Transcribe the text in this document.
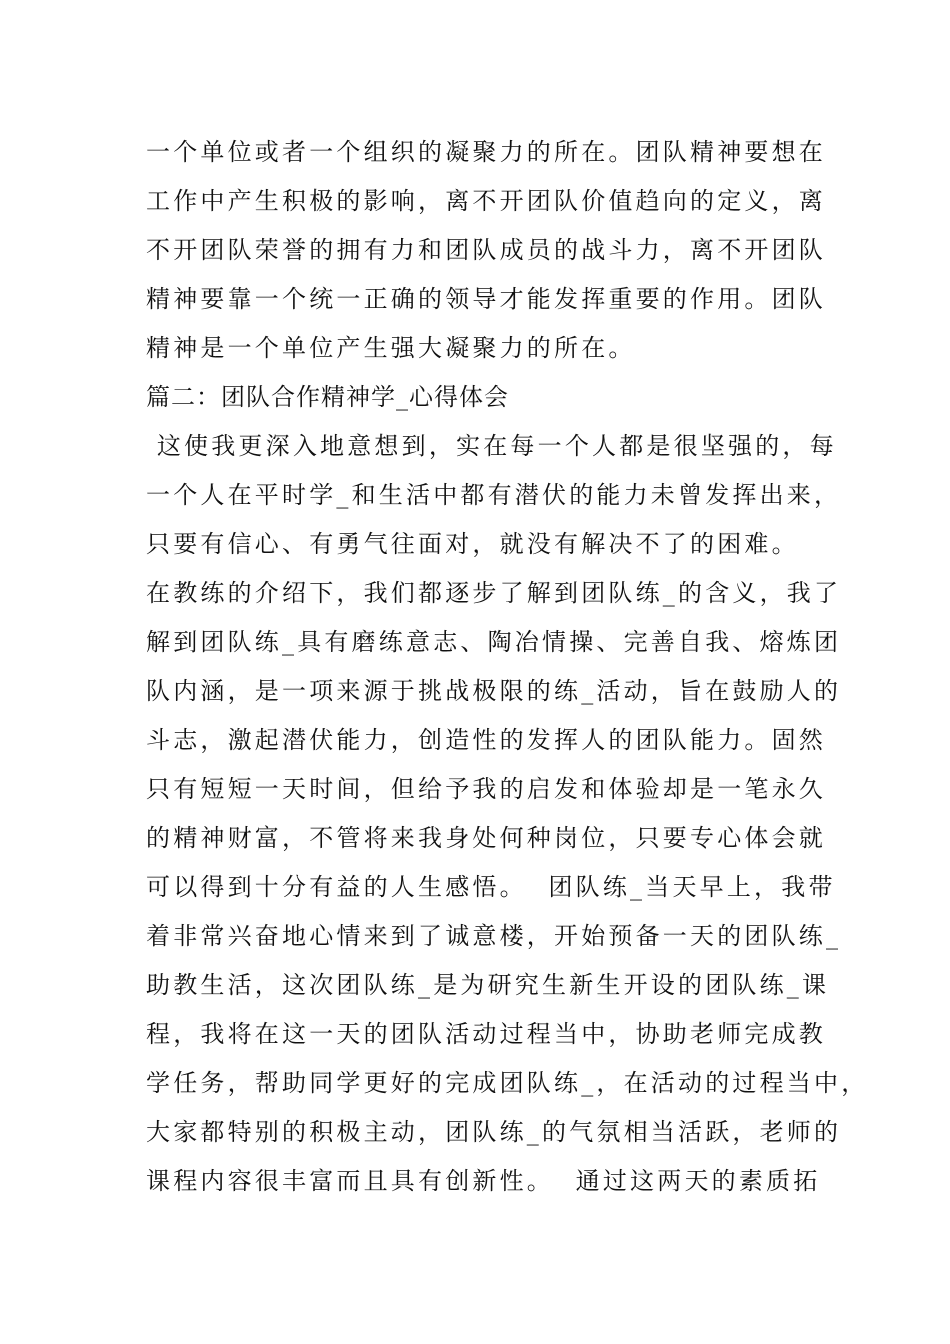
一个单位或者一个组织的凝聚力的所在。团队精神要想在
工作中产生积极的影响，离不开团队价值趋向的定义，离
不开团队荣誉的拥有力和团队成员的战斗力，离不开团队
精神要靠一个统一正确的领导才能发挥重要的作用。团队
精神是一个单位产生强大凝聚力的所在。
篇二：团队合作精神学_心得体会
这使我更深入地意想到，实在每一个人都是很坚强的，每
一个人在平时学_和生活中都有潜伏的能力未曾发挥出来，
只要有信心、有勇气往面对，就没有解决不了的困难。
在教练的介绍下，我们都逐步了解到团队练_的含义，我了
解到团队练_具有磨练意志、陶冶情操、完善自我、熔炼团
队内涵，是一项来源于挑战极限的练_活动，旨在鼓励人的
斗志，激起潜伏能力，创造性的发挥人的团队能力。固然
只有短短一天时间，但给予我的启发和体验却是一笔永久
的精神财富，不管将来我身处何种岗位，只要专心体会就
可以得到十分有益的人生感悟。  团队练_当天早上，我带
着非常兴奋地心情来到了诚意楼，开始预备一天的团队练_
助教生活，这次团队练_是为研究生新生开设的团队练_课
程，我将在这一天的团队活动过程当中，协助老师完成教
学任务，帮助同学更好的完成团队练_，在活动的过程当中，
大家都特别的积极主动，团队练_的气氛相当活跃，老师的
课程内容很丰富而且具有创新性。  通过这两天的素质拓
